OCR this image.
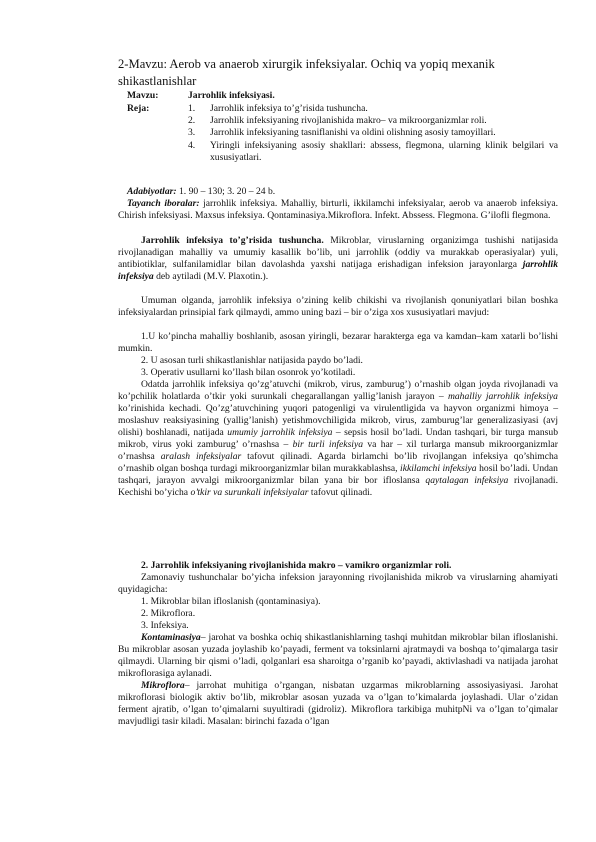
2-Mavzu: Aerob va anaerob xirurgik infeksiyalar. Ochiq va yopiq mexanik
shikastlanishlar
Mavzu:	Jarrohlik infeksiyasi.
Reja:	1. Jarrohlik infeksiya to’g’risida tushuncha.
2. Jarrohlik infeksiyaning rivojlanishida makro– va mikroorganizmlar roli.
3. Jarrohlik infeksiyaning tasniflanishi va oldini olishning asosiy tamoyillari.
4. Yiringli infeksiyaning asosiy shakllari: abssess, flegmona, ularning klinik belgilari va xususiyatlari.
Adabiyotlar: 1. 90 – 130; 3. 20 – 24 b.
Tayanch iboralar: jarrohlik infeksiya. Mahalliy, birturli, ikkilamchi infeksiyalar, aerob va anaerob infeksiya. Chirish infeksiyasi. Maxsus infeksiya. Qontaminasiya.Mikroflora. Infekt. Abssess. Flegmona. G’ilofli flegmona.
Jarrohlik infeksiya to’g’risida tushuncha. Mikroblar, viruslarning organizimga tushishi natijasida rivojlanadigan mahalliy va umumiy kasallik bo’lib, uni jarrohlik (oddiy va murakkab operasiyalar) yuli, antibiotiklar, sulfanilamidlar bilan davolashda yaxshi natijaga erishadigan infeksion jarayonlarga jarrohlik infeksiya deb aytiladi (M.V. Plaxotin.).
Umuman olganda, jarrohlik infeksiya o’zining kelib chikishi va rivojlanish qonuniyatlari bilan boshka infeksiyalardan prinsipial fark qilmaydi, ammo uning bazi – bir o’ziga xos xususiyatlari mavjud:
1.U ko’pincha mahalliy boshlanib, asosan yiringli, bezarar harakterga ega va kamdan–kam xatarli bo’lishi mumkin.
2. U asosan turli shikastlanishlar natijasida paydo bo’ladi.
3. Operativ usullarni ko’llash bilan osonrok yo’kotiladi.
Odatda jarrohlik infeksiya qo’zg’atuvchi (mikrob, virus, zamburug’) o’rnashib olgan joyda rivojlanadi va ko’pchilik holatlarda o’tkir yoki surunkali chegarallangan yallig’lanish jarayon – mahalliy jarrohlik infeksiya ko’rinishida kechadi. Qo’zg’atuvchining yuqori patogenligi va virulentligida va hayvon organizmi himoya – moslashuv reaksiyasining (yallig’lanish) yetishmovchiligida mikrob, virus, zamburug’lar generalizasiyasi (avj olishi) boshlanadi, natijada umumiy jarrohlik infeksiya – sepsis hosil bo’ladi. Undan tashqari, bir turga mansub mikrob, virus yoki zamburug’ o’rnashsa – bir turli infeksiya va har – xil turlarga mansub mikroorganizmlar o’rnashsa aralash infeksiyalar tafovut qilinadi. Agarda birlamchi bo’lib rivojlangan infeksiya qo’shimcha o’rnashib olgan boshqa turdagi mikroorganizmlar bilan murakkablashsa, ikkilamchi infeksiya hosil bo’ladi. Undan tashqari, jarayon avvalgi mikroorganizmlar bilan yana bir bor ifloslansa qaytalagan infeksiya rivojlanadi. Kechishi bo’yicha o’tkir va surunkali infeksiyalar tafovut qilinadi.
2. Jarrohlik infeksiyaning rivojlanishida makro – vamikro organizmlar roli.
Zamonaviy tushunchalar bo’yicha infeksion jarayonning rivojlanishida mikrob va viruslarning ahamiyati quyidagicha:
1. Mikroblar bilan ifloslanish (qontaminasiya).
2. Mikroflora.
3. Infeksiya.
Kontaminasiya– jarohat va boshka ochiq shikastlanishlarning tashqi muhitdan mikroblar bilan ifloslanishi. Bu mikroblar asosan yuzada joylashib ko’payadi, ferment va toksinlarni ajratmaydi va boshqa to’qimalarga tasir qilmaydi. Ularning bir qismi o’ladi, qolganlari esa sharoitga o’rganib ko’payadi, aktivlashadi va natijada jarohat mikroflorasiga aylanadi.
Mikroflora– jarrohat muhitiga o’rgangan, nisbatan uzgarmas mikroblarning assosiyasiyasi. Jarohat mikroflorasi biologik aktiv bo’lib, mikroblar asosan yuzada va o’lgan to’kimalarda joylashadi. Ular o’zidan ferment ajratib, o’lgan to’qimalarni suyultiradi (gidroliz). Mikroflora tarkibiga muhitpNi va o’lgan to’qimalar mavjudligi tasir kiladi. Masalan: birinchi fazada o’lgan
